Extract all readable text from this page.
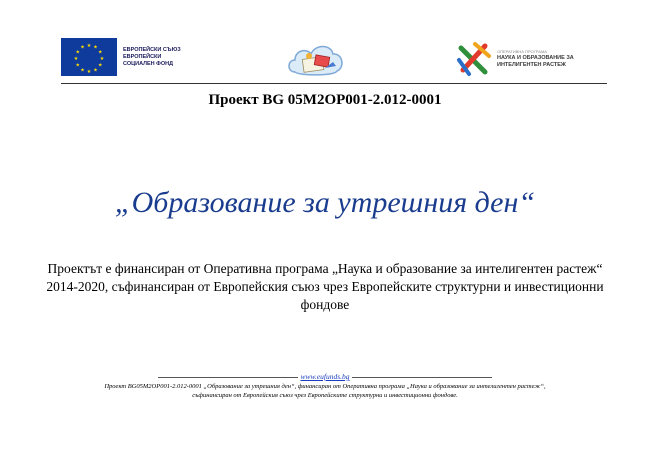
★ ★
★
★
★
★
★
★
★
★
★
★	ЕВРОПЕЙСКИ СЪЮЗ
ЕВРОПЕЙСКИ
СОЦИАЛЕН ФОНД
ОПЕРАТИВНА ПРОГРАМА
НАУКА И ОБРАЗОВАНИЕ ЗА
ИНТЕЛИГЕНТЕН РАСТЕЖ
Проект BG 05M2OP001-2.012-0001
„Образование за утрешния ден“
Проектът е финансиран от Оперативна програма „Наука и образование за интелигентен растеж“ 2014-2020, съфинансиран от Европейския съюз чрез Европейските структурни и инвестиционни фондове
www.eufunds.bg
Проект BG05M2OP001-2.012-0001 „Образование за утрешния ден“, финансиран от Оперативна програма „Наука и образование за интелигентен растеж“,
съфинансиран от Европейския съюз чрез Европейските структурни и инвестиционни фондове.
